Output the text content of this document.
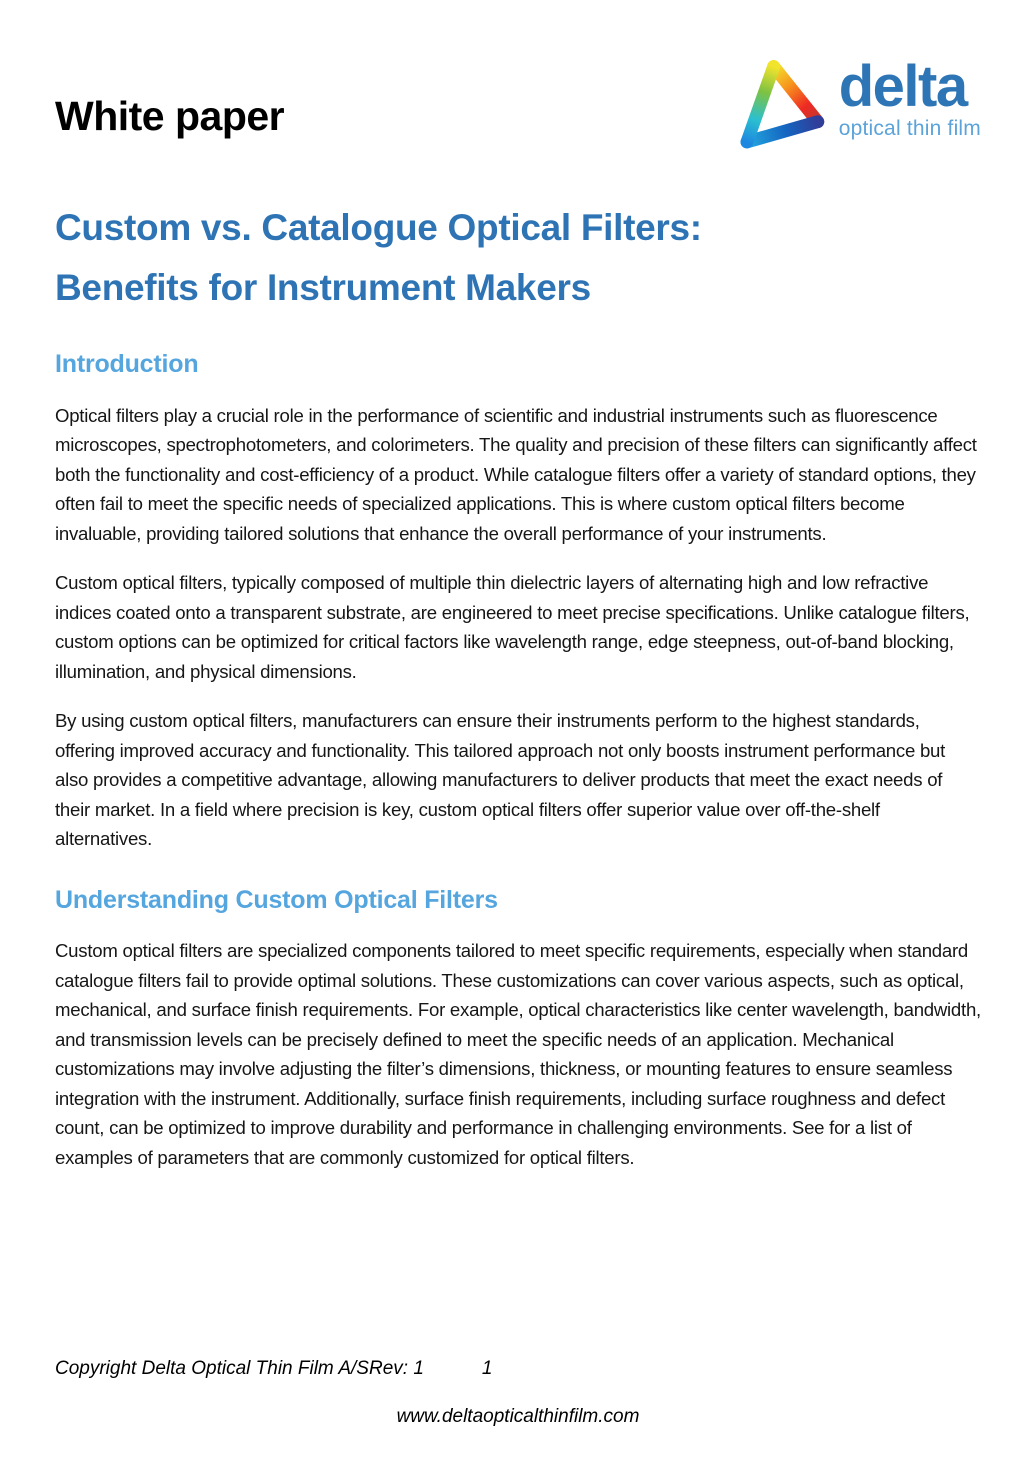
White paper	delta
optical thin film
Custom vs. Catalogue Optical Filters:
Benefits for Instrument Makers
Introduction

Optical filters play a crucial role in the performance of scientific and industrial instruments such as fluorescence microscopes, spectrophotometers, and colorimeters. The quality and precision of these filters can significantly affect both the functionality and cost-efficiency of a product. While catalogue filters offer a variety of standard options, they often fail to meet the specific needs of specialized applications. This is where custom optical filters become invaluable, providing tailored solutions that enhance the overall performance of your instruments.

Custom optical filters, typically composed of multiple thin dielectric layers of alternating high and low refractive indices coated onto a transparent substrate, are engineered to meet precise specifications. Unlike catalogue filters, custom options can be optimized for critical factors like wavelength range, edge steepness, out-of-band blocking, illumination, and physical dimensions.

By using custom optical filters, manufacturers can ensure their instruments perform to the highest standards, offering improved accuracy and functionality. This tailored approach not only boosts instrument performance but also provides a competitive advantage, allowing manufacturers to deliver products that meet the exact needs of their market. In a field where precision is key, custom optical filters offer superior value over off-the-shelf alternatives.

Understanding Custom Optical Filters

Custom optical filters are specialized components tailored to meet specific requirements, especially when standard catalogue filters fail to provide optimal solutions. These customizations can cover various aspects, such as optical, mechanical, and surface finish requirements. For example, optical characteristics like center wavelength, bandwidth, and transmission levels can be precisely defined to meet the specific needs of an application. Mechanical customizations may involve adjusting the filter’s dimensions, thickness, or mounting features to ensure seamless integration with the instrument. Additionally, surface finish requirements, including surface roughness and defect count, can be optimized to improve durability and performance in challenging environments. See for a list of examples of parameters that are commonly customized for optical filters.

Copyright Delta Optical Thin Film A/S Rev: 1	1
www.deltaopticalthinfilm.com
